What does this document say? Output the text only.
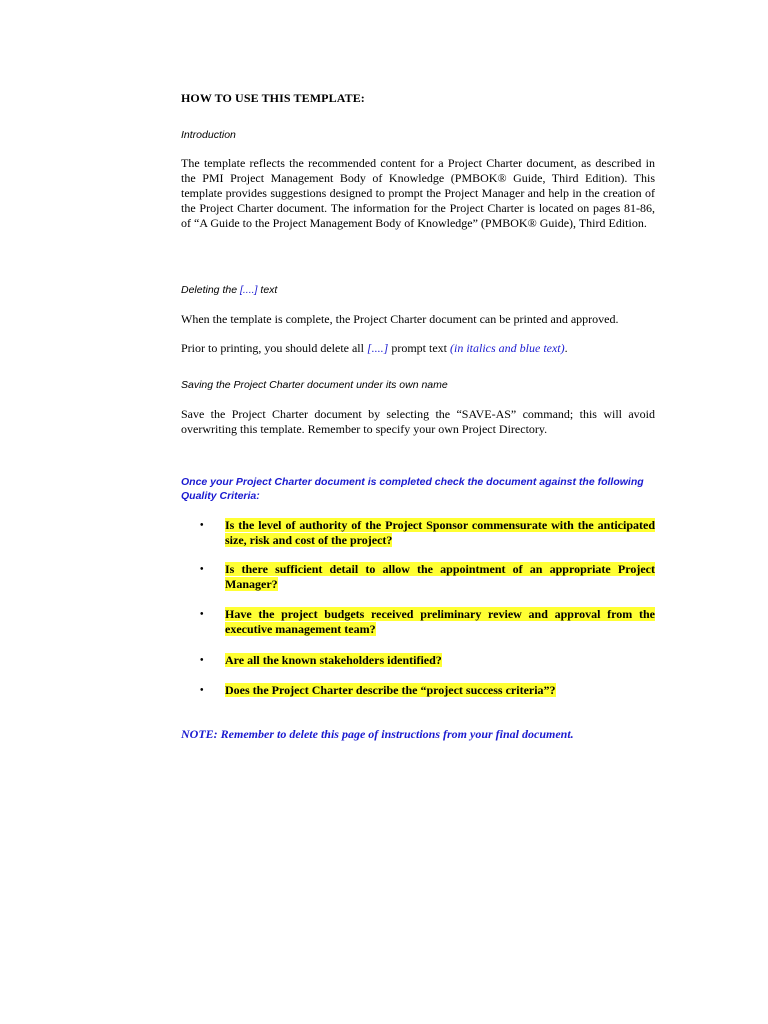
HOW TO USE THIS TEMPLATE:
Introduction
The template reflects the recommended content for a Project Charter document, as described in the PMI Project Management Body of Knowledge (PMBOK® Guide, Third Edition). This template provides suggestions designed to prompt the Project Manager and help in the creation of the Project Charter document. The information for the Project Charter is located on pages 81-86, of “A Guide to the Project Management Body of Knowledge” (PMBOK® Guide), Third Edition.
Deleting the [....] text
When the template is complete, the Project Charter document can be printed and approved.
Prior to printing, you should delete all [....] prompt text (in italics and blue text).
Saving the Project Charter document under its own name
Save the Project Charter document by selecting the “SAVE-AS” command; this will avoid overwriting this template. Remember to specify your own Project Directory.
Once your Project Charter document is completed check the document against the following Quality Criteria:
• Is the level of authority of the Project Sponsor commensurate with the anticipated size, risk and cost of the project?
• Is there sufficient detail to allow the appointment of an appropriate Project Manager?
• Have the project budgets received preliminary review and approval from the executive management team?
• Are all the known stakeholders identified?
• Does the Project Charter describe the “project success criteria”?
NOTE: Remember to delete this page of instructions from your final document.
